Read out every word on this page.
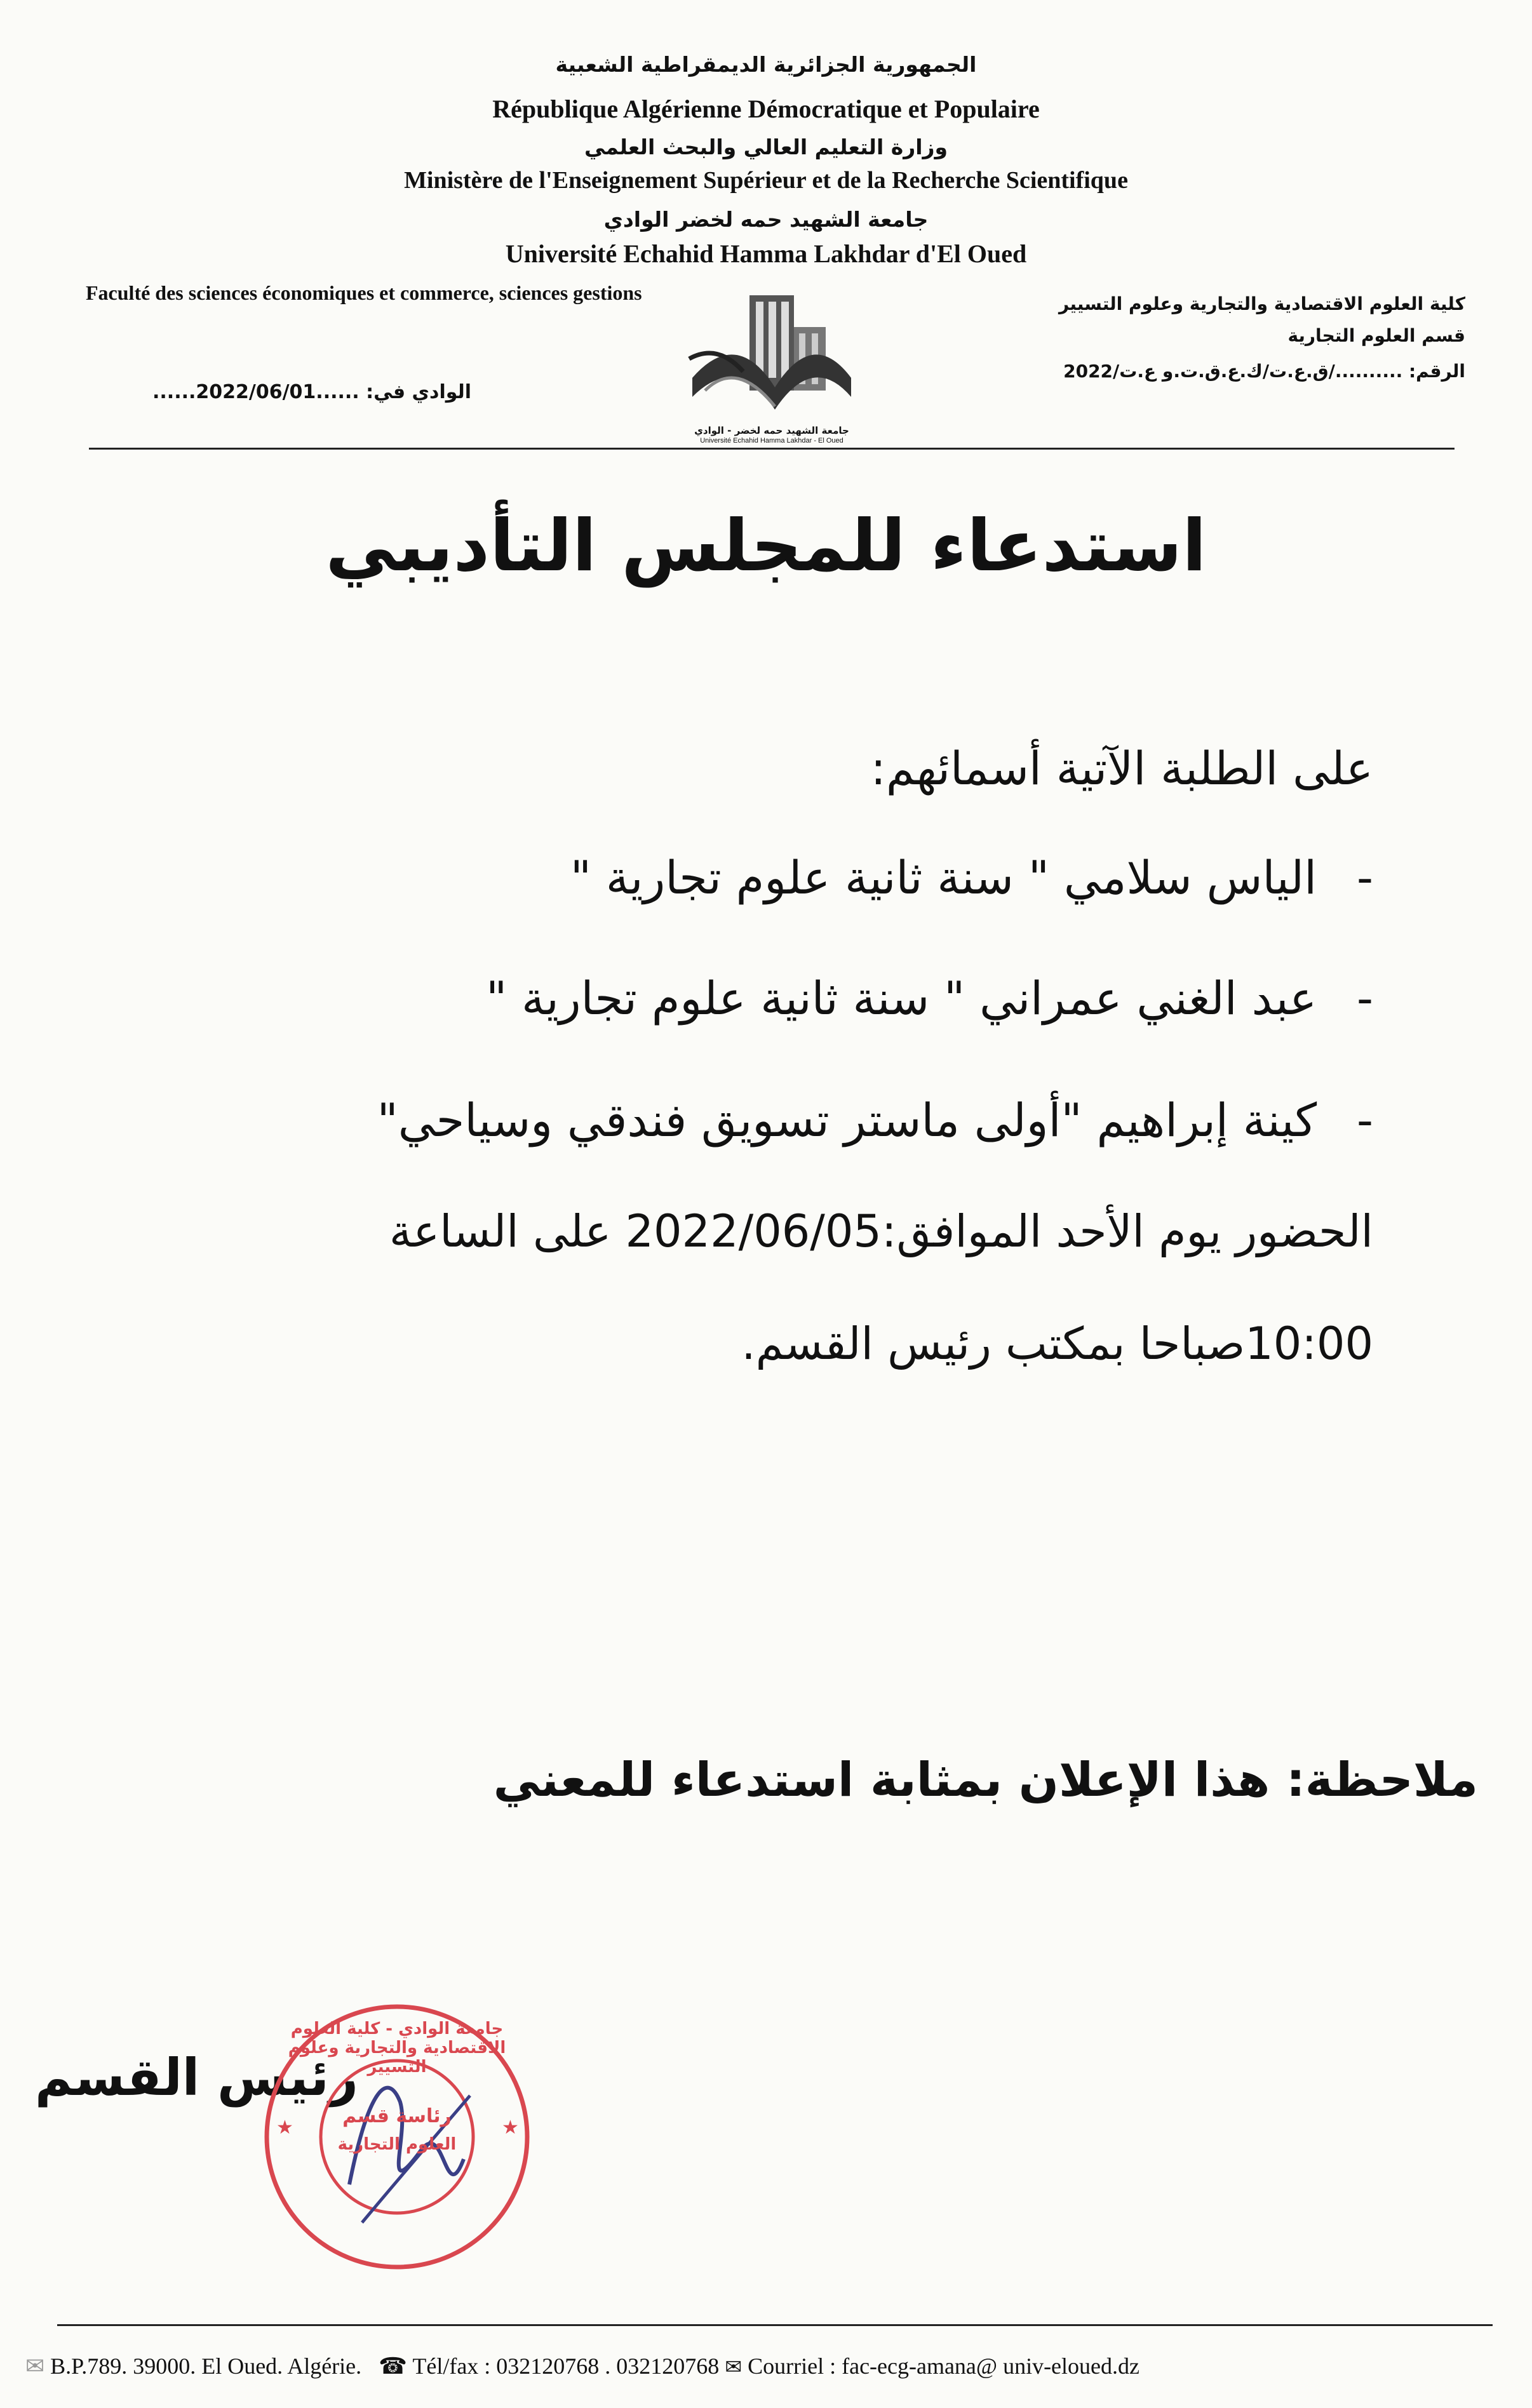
الجمهورية الجزائرية الديمقراطية الشعبية
République Algérienne Démocratique et Populaire
وزارة التعليم العالي والبحث العلمي
Ministère de l'Enseignement Supérieur et de la Recherche Scientifique
جامعة الشهيد حمه لخضر الوادي
Université Echahid Hamma Lakhdar d'El Oued
Faculté des sciences économiques et commerce, sciences gestions	كلية العلوم الاقتصادية والتجارية وعلوم التسيير
قسم العلوم التجارية
الرقم: ........../ق.ع.ت/ك.ع.ق.ت.و ع.ت/2022
الوادي في: ......2022/06/01......
جامعة الشهيد حمه لخضر - الوادي
Université Echahid Hamma Lakhdar - El Oued
استدعاء للمجلس التأديبي
على الطلبة الآتية أسمائهم:
- الياس سلامي " سنة ثانية علوم تجارية "
- عبد الغني عمراني " سنة ثانية علوم تجارية "
- كينة إبراهيم "أولى ماستر تسويق فندقي وسياحي"
الحضور يوم الأحد الموافق:2022/06/05 على الساعة
10:00صباحا بمكتب رئيس القسم.
ملاحظة: هذا الإعلان بمثابة استدعاء للمعني
رئيس القسم
★	★
جامعة الوادي - كلية العلوم الاقتصادية والتجارية وعلوم التسيير
رئاسة قسم
العلوم التجارية
✉ B.P.789. 39000. El Oued. Algérie. ☎ Tél/fax : 032120768 . 032120768 ✉ Courriel : fac-ecg-amana@ univ-eloued.dz
